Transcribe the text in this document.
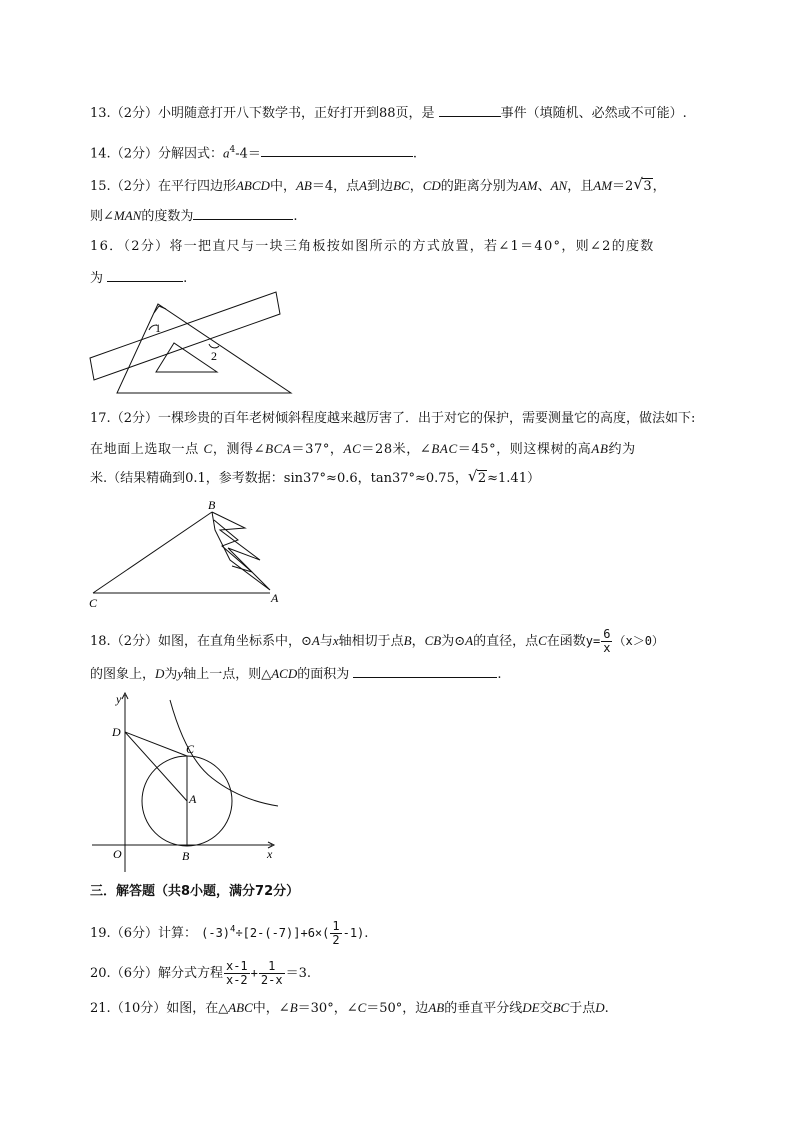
13.（2分）小明随意打开八下数学书，正好打开到88页，是	事件（填随机、必然或不可能）.
14.（2分）分解因式：$a^4-4=$	.
15.（2分）在平行四边形ABCD中，AB＝4，点A到边BC，CD的距离分别为AM、AN，且AM＝2 √ 3，
则∠MAN的度数为	.
16．（2分）将一把直尺与一块三角板按如图所示的方式放置，若∠1＝40°，则∠2的度数
为	.
1
2
17.（2分）一棵珍贵的百年老树倾斜程度越来越厉害了．出于对它的保护，需要测量它的高度，做法如下:
在地面上选取一点 C，测得∠BCA＝37°，AC＝28米，∠BAC＝45°，则这棵树的高AB约为
米.（结果精确到0.1，参考数据：sin37°≈0.6，tan37°≈0.75， √ 2≈1.41）
B
C	A
18.（2分）如图，在直角坐标系中，⊙A与x轴相切于点B，CB为⊙A的直径，点C在函数$y= \frac{6}{x} (x>0)$
的图象上，D为y轴上一点，则△ACD的面积为	.
y
D
C
A
O	B	x
三．解答题（共8小题，满分72分）
19.（6分）计算： $(-3)^4\div[2-(-7)]+6\times( \frac{1}{2} -1)$.
20.（6分）解分式方程 $\frac{x-1}{x-2} + \frac{1}{2-x} =3$.
21.（10分）如图，在△ABC中，∠B＝30°，∠C＝50°，边AB的垂直平分线DE交BC于点D.
